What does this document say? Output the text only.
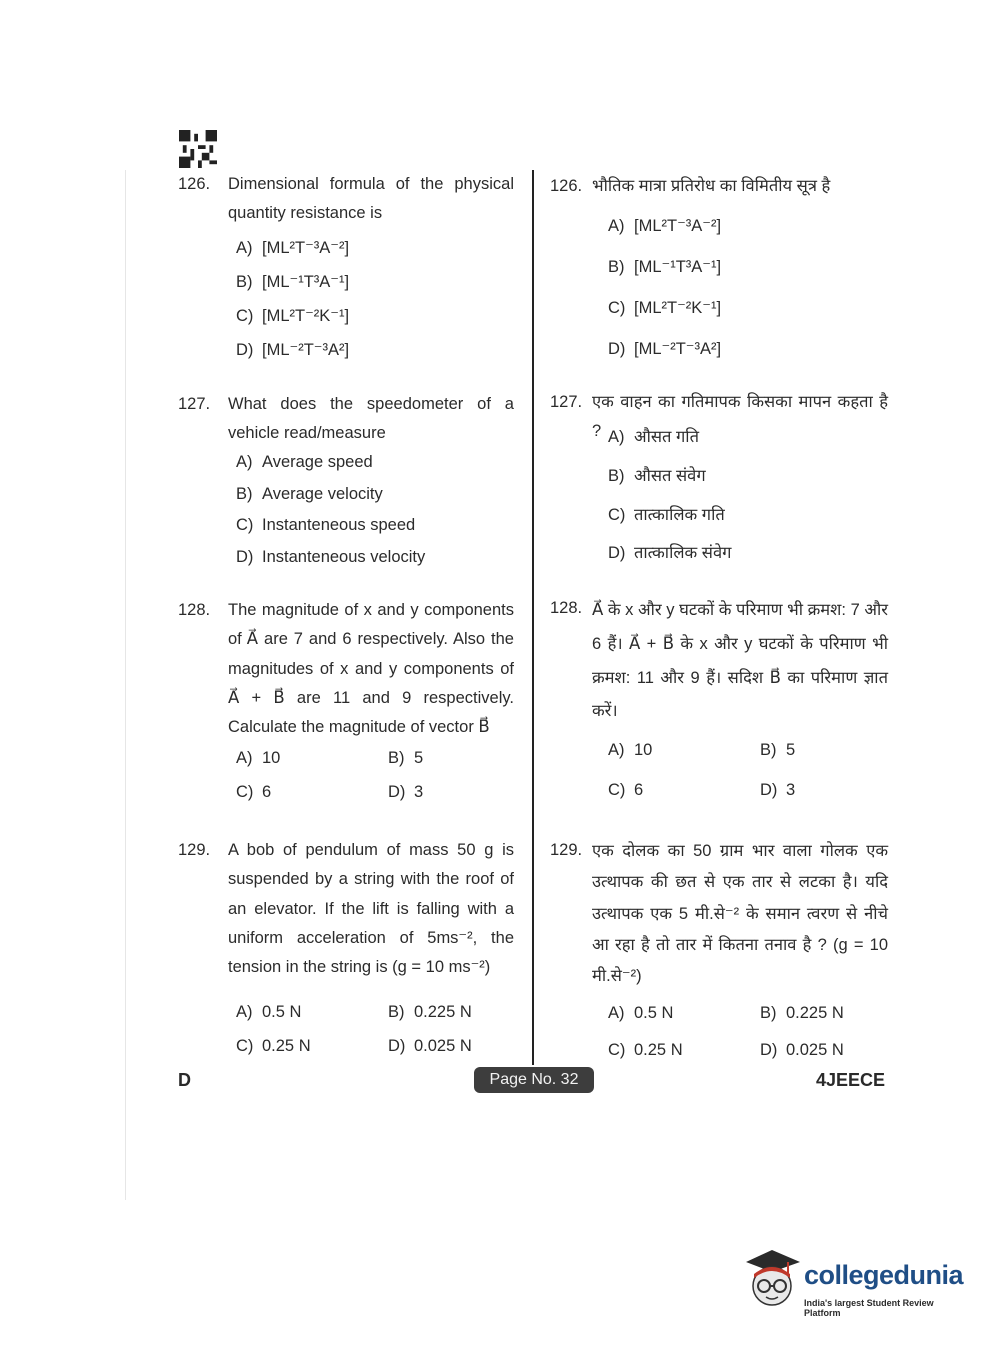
126. Dimensional formula of the physical quantity resistance is
A) [ML²T⁻³A⁻²]
B) [ML⁻¹T³A⁻¹]
C) [ML²T⁻²K⁻¹]
D) [ML⁻²T⁻³A²]
127. What does the speedometer of a vehicle read/measure
A) Average speed
B) Average velocity
C) Instanteneous speed
D) Instanteneous velocity
128. The magnitude of x and y components of A⃗ are 7 and 6 respectively. Also the magnitudes of x and y components of A⃗ + B⃗ are 11 and 9 respectively. Calculate the magnitude of vector B⃗
A) 10	B) 5
C) 6	D) 3
129. A bob of pendulum of mass 50 g is suspended by a string with the roof of an elevator. If the lift is falling with a uniform acceleration of 5ms⁻², the tension in the string is (g = 10 ms⁻²)
A) 0.5 N	B) 0.225 N
C) 0.25 N	D) 0.025 N
126. भौतिक मात्रा प्रतिरोध का विमितीय सूत्र है
A) [ML²T⁻³A⁻²]
B) [ML⁻¹T³A⁻¹]
C) [ML²T⁻²K⁻¹]
D) [ML⁻²T⁻³A²]
127. एक वाहन का गतिमापक किसका मापन कहता है ? A) औसत गति
B) औसत संवेग
C) तात्कालिक गति
D) तात्कालिक संवेग
128. A⃗ के x और y घटकों के परिमाण भी क्रमश: 7 और 6 हैं। A⃗ + B⃗ के x और y घटकों के परिमाण भी क्रमश: 11 और 9 हैं। सदिश B⃗ का परिमाण ज्ञात करें।
A) 10	B) 5
C) 6	D) 3
129. एक दोलक का 50 ग्राम भार वाला गोलक एक उत्थापक की छत से एक तार से लटका है। यदि उत्थापक एक 5 मी.से⁻² के समान त्वरण से नीचे आ रहा है तो तार में कितना तनाव है ? (g = 10 मी.से⁻²)
A) 0.5 N	B) 0.225 N
C) 0.25 N	D) 0.025 N
D	Page No. 32	4JEECE
collegedunia
India's largest Student Review Platform
